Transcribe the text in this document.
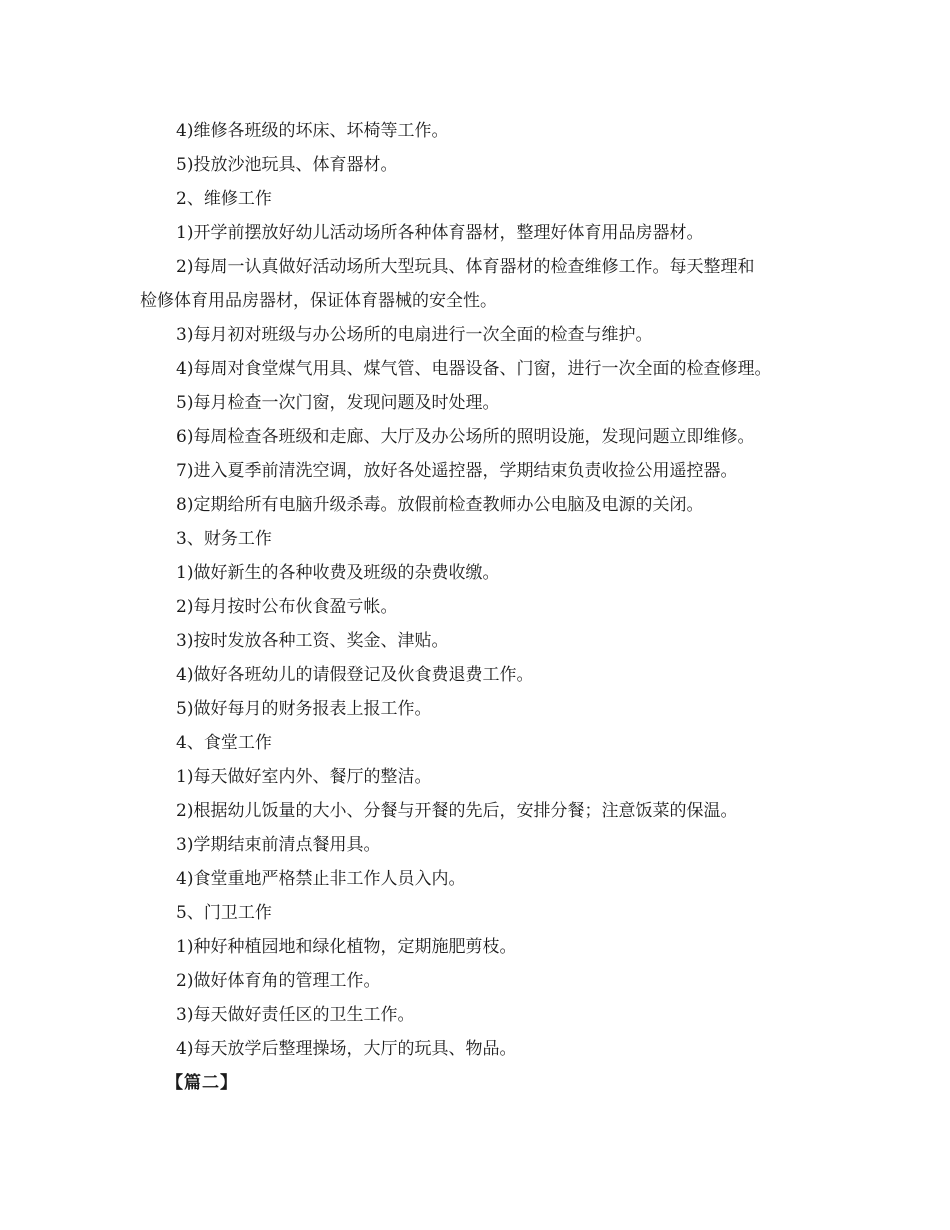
4)维修各班级的坏床、坏椅等工作。
5)投放沙池玩具、体育器材。
2、维修工作
1)开学前摆放好幼儿活动场所各种体育器材，整理好体育用品房器材。
2)每周一认真做好活动场所大型玩具、体育器材的检查维修工作。每天整理和
检修体育用品房器材，保证体育器械的安全性。
3)每月初对班级与办公场所的电扇进行一次全面的检查与维护。
4)每周对食堂煤气用具、煤气管、电器设备、门窗，进行一次全面的检查修理。
5)每月检查一次门窗，发现问题及时处理。
6)每周检查各班级和走廊、大厅及办公场所的照明设施，发现问题立即维修。
7)进入夏季前清洗空调，放好各处遥控器，学期结束负责收捡公用遥控器。
8)定期给所有电脑升级杀毒。放假前检查教师办公电脑及电源的关闭。
3、财务工作
1)做好新生的各种收费及班级的杂费收缴。
2)每月按时公布伙食盈亏帐。
3)按时发放各种工资、奖金、津贴。
4)做好各班幼儿的请假登记及伙食费退费工作。
5)做好每月的财务报表上报工作。
4、食堂工作
1)每天做好室内外、餐厅的整洁。
2)根据幼儿饭量的大小、分餐与开餐的先后，安排分餐；注意饭菜的保温。
3)学期结束前清点餐用具。
4)食堂重地严格禁止非工作人员入内。
5、门卫工作
1)种好种植园地和绿化植物，定期施肥剪枝。
2)做好体育角的管理工作。
3)每天做好责任区的卫生工作。
4)每天放学后整理操场，大厅的玩具、物品。
【篇二】
